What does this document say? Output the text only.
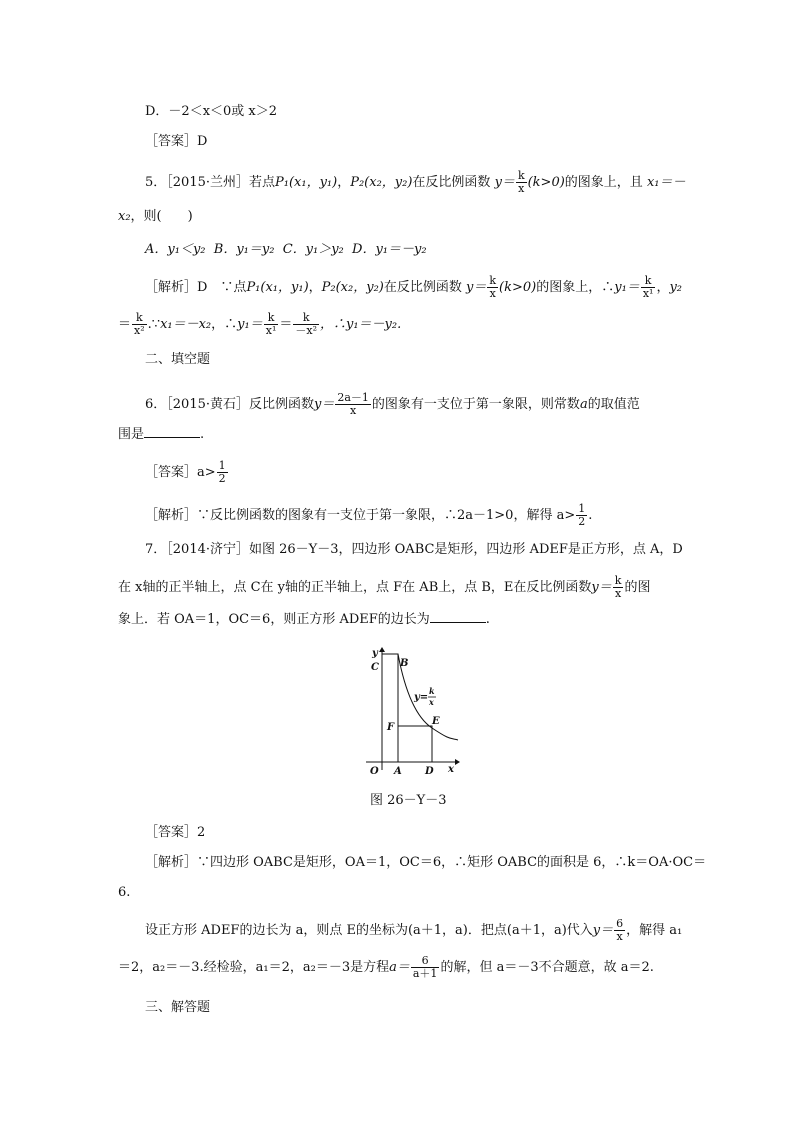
D．－2＜x＜0或 x＞2
［答案］D
5．［2015·兰州］若点P₁(x₁，y₁)，P₂(x₂，y₂)在反比例函数 $y= \frac{k}{x} (k>0)$的图象上，且 x₁＝－
x₂，则(　　)
A．y₁＜y₂ B．y₁＝y₂ C．y₁＞y₂ D．y₁＝－y₂
［解析］D　∵点P₁(x₁，y₁)，P₂(x₂，y₂)在反比例函数 $y= \frac{k}{x} (k>0)$的图象上，∴y₁＝ $\frac{k}{\text{x¹}}$ ，y₂
＝ $\frac{k}{\text{x²}}$ .∵x₁＝－x₂，∴y₁＝ $\frac{k}{\text{x¹}} = \frac{k}{\text{－x²}}$ ，∴y₁＝－y₂.
二、填空题
6．［2015·黄石］反比例函数$y= \frac{2a-1}{x}$ 的图象有一支位于第一象限，则常数a的取值范
围是	.
［答案］a> $\frac{1}{2}$
［解析］∵反比例函数的图象有一支位于第一象限，∴2a－1>0，解得 $a> \frac{1}{2}$ .
7．［2014·济宁］如图 26－Y－3，四边形 OABC是矩形，四边形 ADEF是正方形，点 A，D
在 x轴的正半轴上，点 C在 y轴的正半轴上，点 F在 AB上，点 B，E在反比例函数$y= \frac{k}{x}$ 的图
象上．若 OA＝1，OC＝6，则正方形 ADEF的边长为	.
y
C B
y=
k
x
F
E
O A D x
图 26－Y－3
［答案］2
［解析］∵四边形 OABC是矩形，OA＝1，OC＝6，∴矩形 OABC的面积是 6，∴k＝OA·OC＝
6.
设正方形 ADEF的边长为 a，则点 E的坐标为(a＋1，a)．把点(a＋1，a)代入$y= \frac{6}{x}$ ，解得 a₁
＝2，a₂＝－3.经检验，a₁＝2，a₂＝－3是方程$a= \frac{6}{a+1}$ 的解，但 a＝－3不合题意，故 a＝2.
三、解答题
